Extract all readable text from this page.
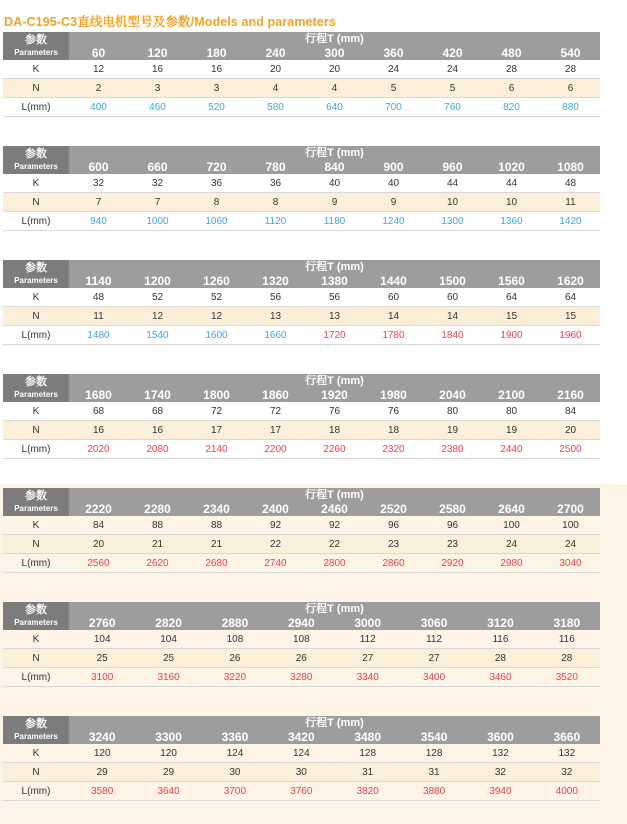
DA-C195-C3直线电机型号及参数/Models and parameters
参数
Parameters
行程T (mm)
60	120	180	240	300	360	420	480	540
K	12	16	16	20	20	24	24	28	28
N	2	3	3	4	4	5	5	6	6
L(mm)	400	460	520	580	640	700	760	820	880
参数
Parameters
行程T (mm)
600	660	720	780	840	900	960	1020	1080
K	32	32	36	36	40	40	44	44	48
N	7	7	8	8	9	9	10	10	11
L(mm)	940	1000	1060	1120	1180	1240	1300	1360	1420
参数
Parameters
行程T (mm)
1140	1200	1260	1320	1380	1440	1500	1560	1620
K	48	52	52	56	56	60	60	64	64
N	11	12	12	13	13	14	14	15	15
L(mm)	1480	1540	1600	1660	1720	1780	1840	1900	1960
参数
Parameters
行程T (mm)
1680	1740	1800	1860	1920	1980	2040	2100	2160
K	68	68	72	72	76	76	80	80	84
N	16	16	17	17	18	18	19	19	20
L(mm)	2020	2080	2140	2200	2260	2320	2380	2440	2500
参数
Parameters
行程T (mm)
2220	2280	2340	2400	2460	2520	2580	2640	2700
K	84	88	88	92	92	96	96	100	100
N	20	21	21	22	22	23	23	24	24
L(mm)	2560	2620	2680	2740	2800	2860	2920	2980	3040
参数
Parameters
行程T (mm)
2760	2820	2880	2940	3000	3060	3120	3180
K	104	104	108	108	112	112	116	116
N	25	25	26	26	27	27	28	28
L(mm)	3100	3160	3220	3280	3340	3400	3460	3520
参数
Parameters
行程T (mm)
3240	3300	3360	3420	3480	3540	3600	3660
K	120	120	124	124	128	128	132	132
N	29	29	30	30	31	31	32	32
L(mm)	3580	3640	3700	3760	3820	3880	3940	4000
